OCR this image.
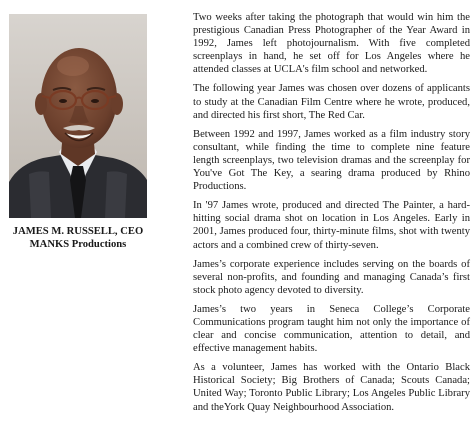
JAMES M. RUSSELL, CEO
MANKS Productions

Two weeks after taking the photograph that would win him the prestigious Canadian Press Photographer of the Year Award in 1992, James left photojournalism. With five completed screenplays in hand, he set off for Los Angeles where he attended classes at UCLA's film school and networked.

The following year James was chosen over dozens of applicants to study at the Canadian Film Centre where he wrote, produced, and directed his first short, The Red Car.

Between 1992 and 1997, James worked as a film industry story consultant, while finding the time to complete nine feature length screenplays, two television dramas and the screenplay for You've Got The Key, a searing drama produced by Rhino Productions.

In '97 James wrote, produced and directed The Painter, a hard-hitting social drama shot on location in Los Angeles. Early in 2001, James produced four, thirty-minute films, shot with twenty actors and a combined crew of thirty-seven.

James’s corporate experience includes serving on the boards of several non-profits, and founding and managing Canada’s first stock photo agency devoted to diversity.

James’s two years in Seneca College’s Corporate Communications program taught him not only the importance of clear and concise communication, attention to detail, and effective management habits.

As a volunteer, James has worked with the Ontario Black Historical Society; Big Brothers of Canada; Scouts Canada; United Way; Toronto Public Library; Los Angeles Public Library and theYork Quay Neighbourhood Association.
